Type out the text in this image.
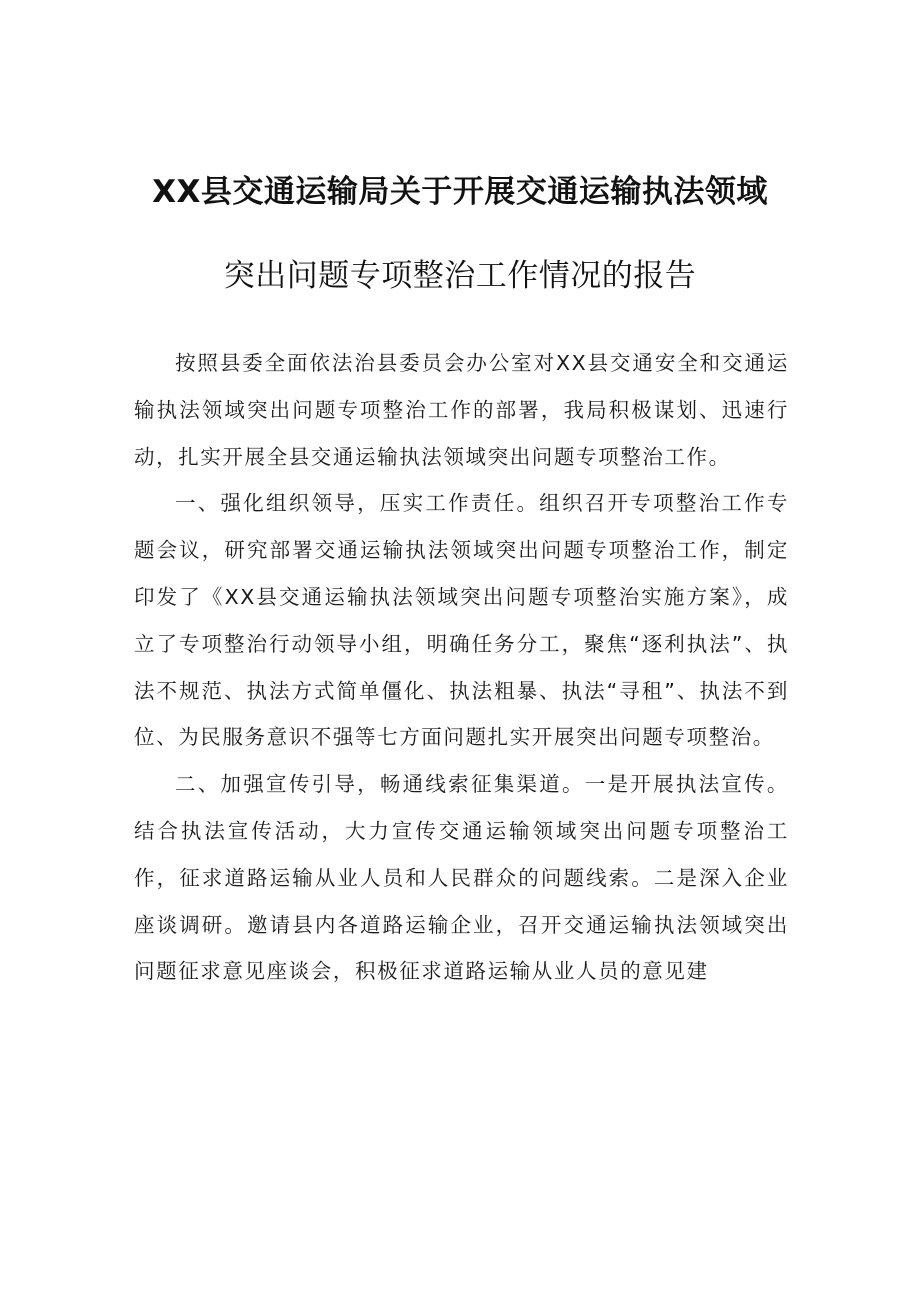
XX县交通运输局关于开展交通运输执法领域
突出问题专项整治工作情况的报告

按照县委全面依法治县委员会办公室对XX县交通安全和交通运输执法领域突出问题专项整治工作的部署，我局积极谋划、迅速行动，扎实开展全县交通运输执法领域突出问题专项整治工作。

一、强化组织领导，压实工作责任。组织召开专项整治工作专题会议，研究部署交通运输执法领域突出问题专项整治工作，制定印发了《XX县交通运输执法领域突出问题专项整治实施方案》，成立了专项整治行动领导小组，明确任务分工，聚焦“逐利执法”、执法不规范、执法方式简单僵化、执法粗暴、执法“寻租”、执法不到位、为民服务意识不强等七方面问题扎实开展突出问题专项整治。

二、加强宣传引导，畅通线索征集渠道。一是开展执法宣传。结合执法宣传活动，大力宣传交通运输领域突出问题专项整治工作，征求道路运输从业人员和人民群众的问题线索。二是深入企业座谈调研。邀请县内各道路运输企业，召开交通运输执法领域突出问题征求意见座谈会，积极征求道路运输从业人员的意见建
